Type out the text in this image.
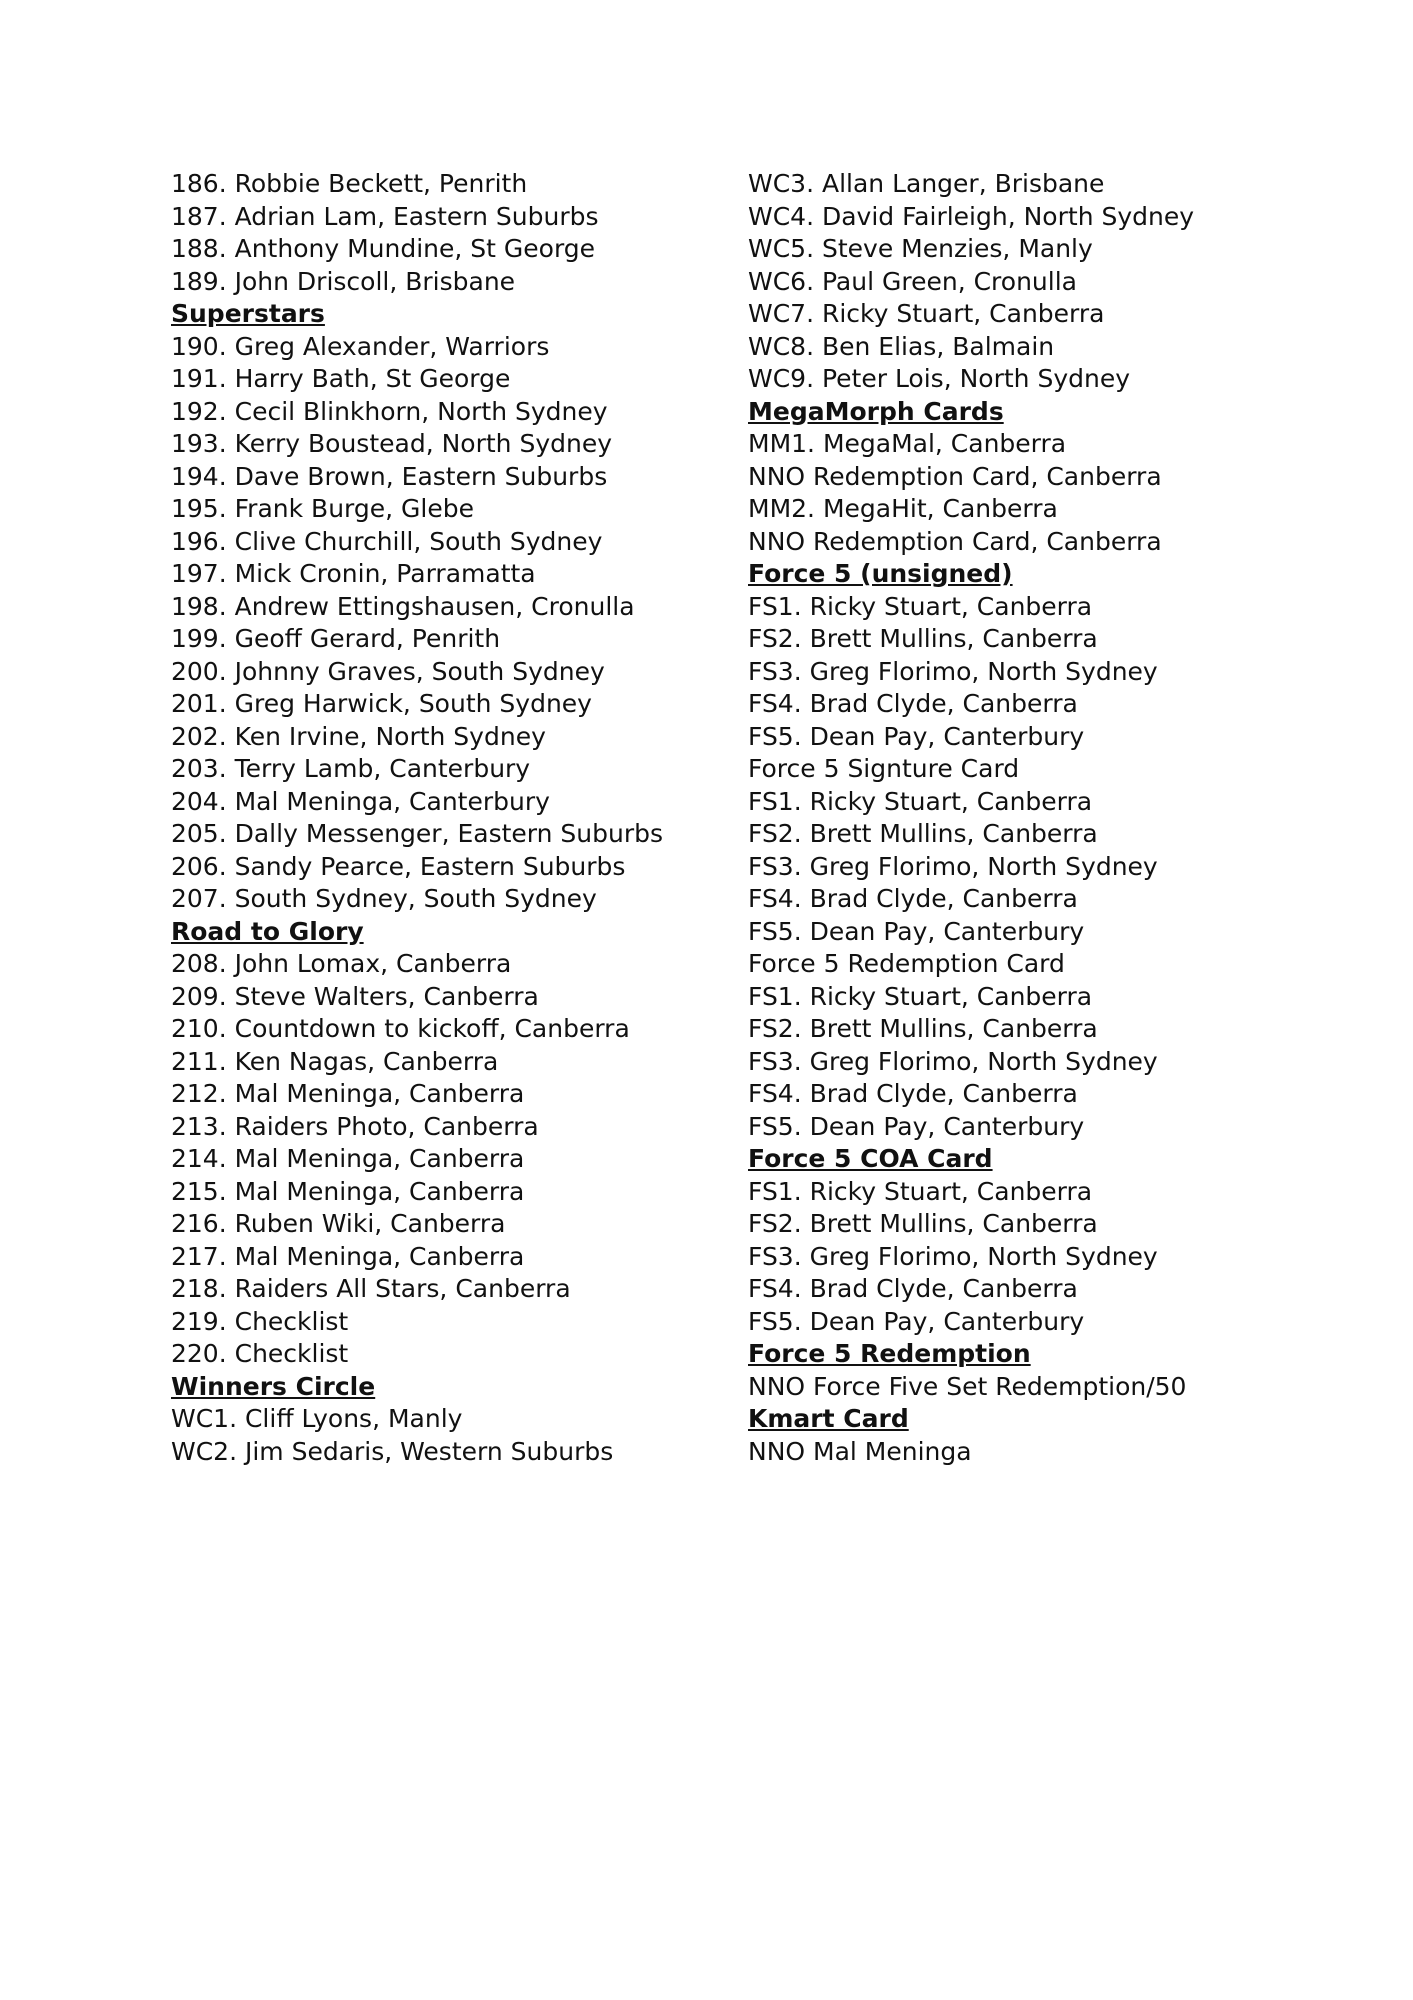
186. Robbie Beckett, Penrith

187. Adrian Lam, Eastern Suburbs

188. Anthony Mundine, St George

189. John Driscoll, Brisbane

Superstars

190. Greg Alexander, Warriors

191. Harry Bath, St George

192. Cecil Blinkhorn, North Sydney

193. Kerry Boustead, North Sydney

194. Dave Brown, Eastern Suburbs

195. Frank Burge, Glebe

196. Clive Churchill, South Sydney

197. Mick Cronin, Parramatta

198. Andrew Ettingshausen, Cronulla

199. Geoff Gerard, Penrith

200. Johnny Graves, South Sydney

201. Greg Harwick, South Sydney

202. Ken Irvine, North Sydney

203. Terry Lamb, Canterbury

204. Mal Meninga, Canterbury

205. Dally Messenger, Eastern Suburbs

206. Sandy Pearce, Eastern Suburbs

207. South Sydney, South Sydney

Road to Glory

208. John Lomax, Canberra

209. Steve Walters, Canberra

210. Countdown to kickoff, Canberra

211. Ken Nagas, Canberra

212. Mal Meninga, Canberra

213. Raiders Photo, Canberra

214. Mal Meninga, Canberra

215. Mal Meninga, Canberra

216. Ruben Wiki, Canberra

217. Mal Meninga, Canberra

218. Raiders All Stars, Canberra

219. Checklist

220. Checklist

Winners Circle

WC1. Cliff Lyons, Manly

WC2. Jim Sedaris, Western Suburbs

WC3. Allan Langer, Brisbane

WC4. David Fairleigh, North Sydney

WC5. Steve Menzies, Manly

WC6. Paul Green, Cronulla

WC7. Ricky Stuart, Canberra

WC8. Ben Elias, Balmain

WC9. Peter Lois, North Sydney

MegaMorph Cards

MM1. MegaMal, Canberra

NNO Redemption Card, Canberra

MM2. MegaHit, Canberra

NNO Redemption Card, Canberra

Force 5 (unsigned)

FS1. Ricky Stuart, Canberra

FS2. Brett Mullins, Canberra

FS3. Greg Florimo, North Sydney

FS4. Brad Clyde, Canberra

FS5. Dean Pay, Canterbury

Force 5 Signture Card

FS1. Ricky Stuart, Canberra

FS2. Brett Mullins, Canberra

FS3. Greg Florimo, North Sydney

FS4. Brad Clyde, Canberra

FS5. Dean Pay, Canterbury

Force 5 Redemption Card

FS1. Ricky Stuart, Canberra

FS2. Brett Mullins, Canberra

FS3. Greg Florimo, North Sydney

FS4. Brad Clyde, Canberra

FS5. Dean Pay, Canterbury

Force 5 COA Card

FS1. Ricky Stuart, Canberra

FS2. Brett Mullins, Canberra

FS3. Greg Florimo, North Sydney

FS4. Brad Clyde, Canberra

FS5. Dean Pay, Canterbury

Force 5 Redemption

NNO Force Five Set Redemption/50

Kmart Card

NNO Mal Meninga
